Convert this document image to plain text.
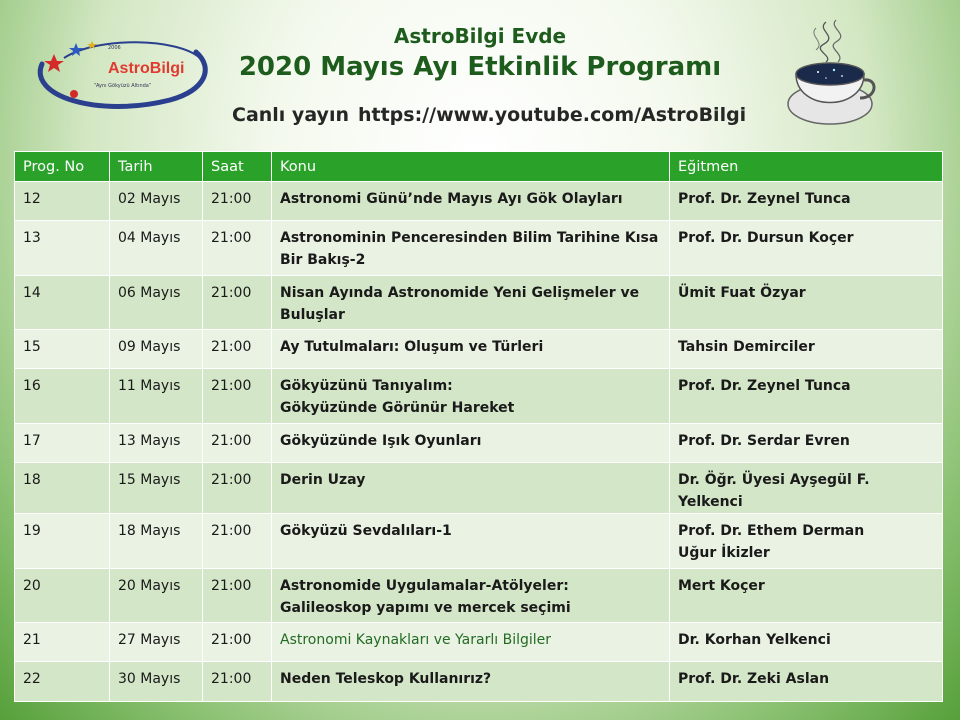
2006
AstroBilgi
“Aynı Gökyüzü Altında”
AstroBilgi Evde
2020 Mayıs Ayı Etkinlik Programı
Canlı yayın https://www.youtube.com/AstroBilgi
Prog. No	Tarih	Saat	Konu	Eğitmen
12	02 Mayıs	21:00	Astronomi Günü’nde Mayıs Ayı Gök Olayları	Prof. Dr. Zeynel Tunca

13	04 Mayıs	21:00	Astronominin Penceresinden Bilim Tarihine Kısa
Bir Bakış-2	Prof. Dr. Dursun Koçer

14	06 Mayıs	21:00	Nisan Ayında Astronomide Yeni Gelişmeler ve
Buluşlar	Ümit Fuat Özyar

15	09 Mayıs	21:00	Ay Tutulmaları: Oluşum ve Türleri	Tahsin Demirciler

16	11 Mayıs	21:00	Gökyüzünü Tanıyalım:
Gökyüzünde Görünür Hareket	Prof. Dr. Zeynel Tunca

17	13 Mayıs	21:00	Gökyüzünde Işık Oyunları	Prof. Dr. Serdar Evren

18	15 Mayıs	21:00	Derin Uzay	Dr. Öğr. Üyesi Ayşegül F. Yelkenci

19	18 Mayıs	21:00	Gökyüzü Sevdalıları-1	Prof. Dr. Ethem Derman
Uğur İkizler

20	20 Mayıs	21:00	Astronomide Uygulamalar-Atölyeler:
Galileoskop yapımı ve mercek seçimi	Mert Koçer

21	27 Mayıs	21:00	Astronomi Kaynakları ve Yararlı Bilgiler	Dr. Korhan Yelkenci

22	30 Mayıs	21:00	Neden Teleskop Kullanırız?	Prof. Dr. Zeki Aslan
